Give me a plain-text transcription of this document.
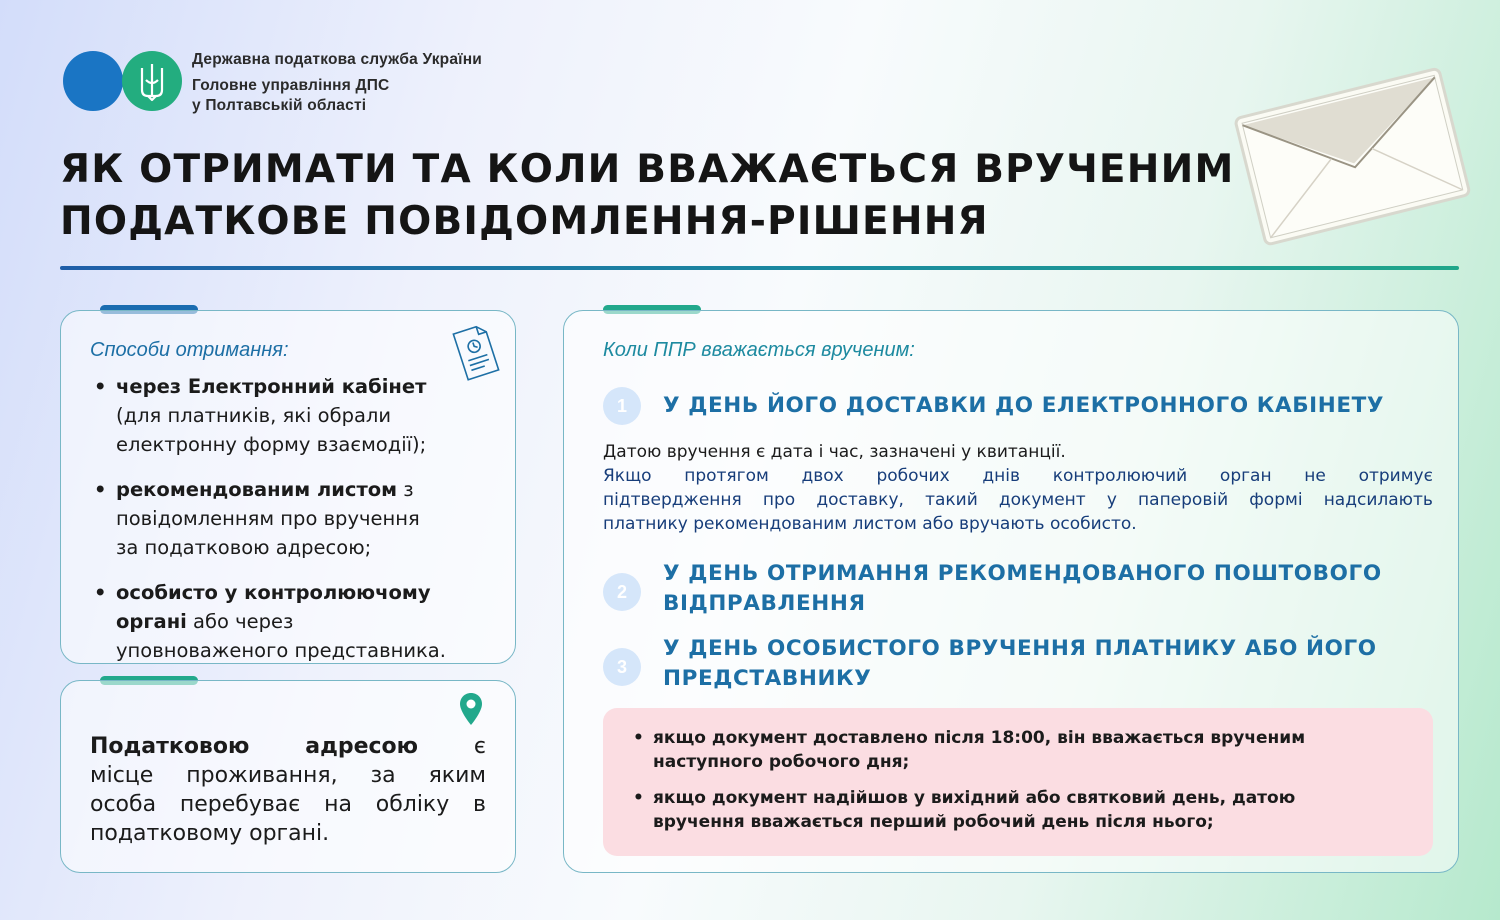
Державна податкова служба України
Головне управління ДПС
у Полтавській області
ЯК ОТРИМАТИ ТА КОЛИ ВВАЖАЄТЬСЯ ВРУЧЕНИМ
ПОДАТКОВЕ ПОВІДОМЛЕННЯ-РІШЕННЯ
Способи отримання:
• через Електронний кабінет
(для платників, які обрали
електронну форму взаємодії);
• рекомендованим листом з
повідомленням про вручення
за податковою адресою;
• особисто у контролюючому
органі або через
уповноваженого представника.
Податковою	адресою	є
місце проживання, за яким
особа перебуває на обліку в
податковому органі.
Коли ППР вважається врученим:
1	У ДЕНЬ ЙОГО ДОСТАВКИ ДО ЕЛЕКТРОННОГО КАБІНЕТУ
Датою вручення є дата і час, зазначені у квитанції.
Якщо протягом двох робочих днів контролюючий орган не отримує
підтвердження про доставку, такий документ у паперовій формі надсилають
платнику рекомендованим листом або вручають особисто.
2
У ДЕНЬ ОТРИМАННЯ РЕКОМЕНДОВАНОГО ПОШТОВОГО
ВІДПРАВЛЕННЯ
3
У ДЕНЬ ОСОБИСТОГО ВРУЧЕННЯ ПЛАТНИКУ АБО ЙОГО
ПРЕДСТАВНИКУ
• якщо документ доставлено після 18:00, він вважається врученим
наступного робочого дня;
• якщо документ надійшов у вихідний або святковий день, датою
вручення вважається перший робочий день після нього;
